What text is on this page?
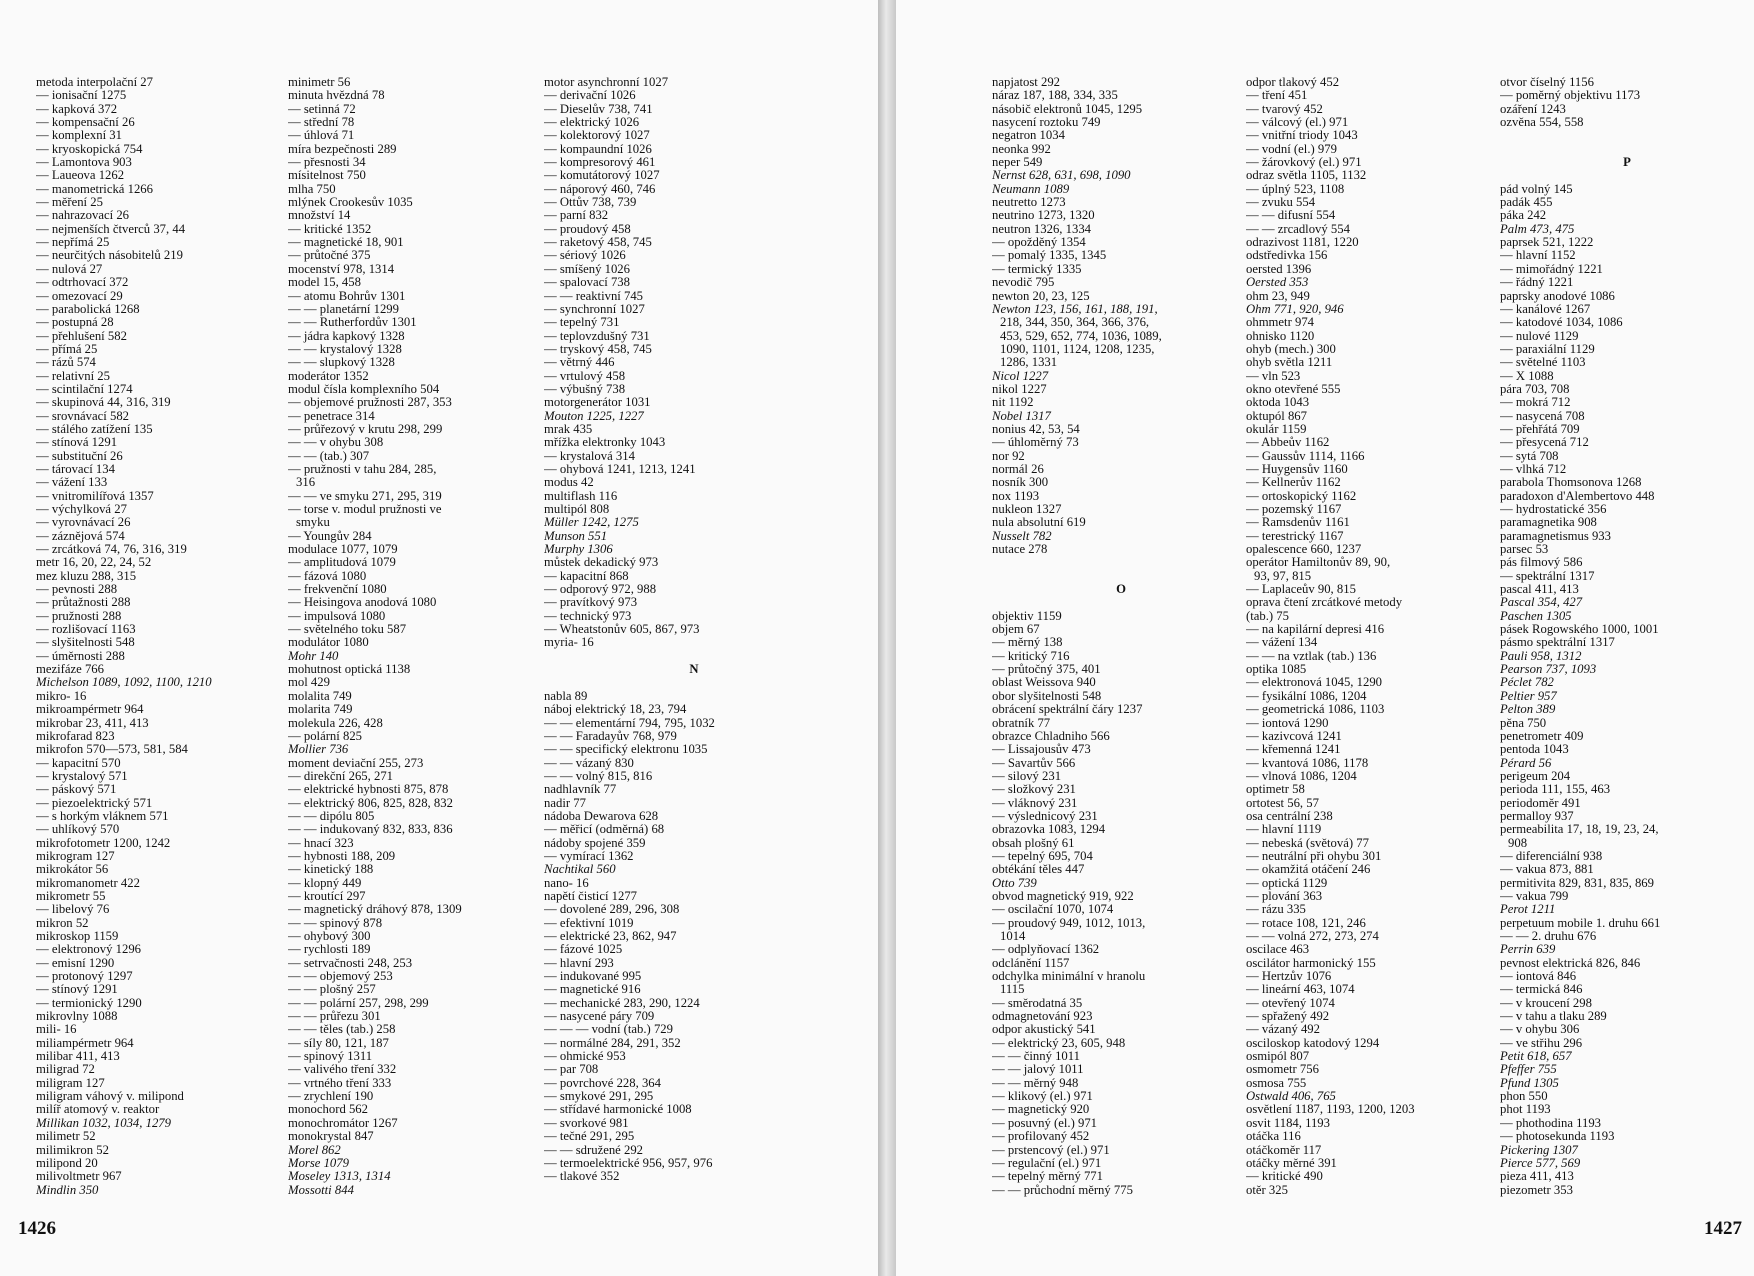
metoda interpolační 27
— ionisační 1275
— kapková 372
— kompensační 26
— komplexní 31
— kryoskopická 754
— Lamontova 903
— Laueova 1262
— manometrická 1266
— měření 25
— nahrazovací 26
— nejmenších čtverců 37, 44
— nepřímá 25
— neurčitých násobitelů 219
— nulová 27
— odtrhovací 372
— omezovací 29
— parabolická 1268
— postupná 28
— přehlušení 582
— přímá 25
— rázů 574
— relativní 25
— scintilační 1274
— skupinová 44, 316, 319
— srovnávací 582
— stálého zatížení 135
— stínová 1291
— substituční 26
— tárovací 134
— vážení 133
— vnitromilířová 1357
— výchylková 27
— vyrovnávací 26
— záznějová 574
— zrcátková 74, 76, 316, 319
metr 16, 20, 22, 24, 52
mez kluzu 288, 315
— pevnosti 288
— průtažnosti 288
— pružnosti 288
— rozlišovací 1163
— slyšitelnosti 548
— úměrnosti 288
mezifáze 766
Michelson 1089, 1092, 1100, 1210
mikro- 16
mikroampérmetr 964
mikrobar 23, 411, 413
mikrofarad 823
mikrofon 570—573, 581, 584
— kapacitní 570
— krystalový 571
— páskový 571
— piezoelektrický 571
— s horkým vláknem 571
— uhlíkový 570
mikrofotometr 1200, 1242
mikrogram 127
mikrokátor 56
mikromanometr 422
mikrometr 55
— libelový 76
mikron 52
mikroskop 1159
— elektronový 1296
— emisní 1290
— protonový 1297
— stínový 1291
— termionický 1290
mikrovlny 1088
mili- 16
miliampérmetr 964
milibar 411, 413
miligrad 72
miligram 127
miligram váhový v. milipond
milíř atomový v. reaktor
Millikan 1032, 1034, 1279
milimetr 52
milimikron 52
milipond 20
milivoltmetr 967
Mindlin 350
minimetr 56
minuta hvězdná 78
— setinná 72
— střední 78
— úhlová 71
míra bezpečnosti 289
— přesnosti 34
mísitelnost 750
mlha 750
mlýnek Crookesův 1035
množství 14
— kritické 1352
— magnetické 18, 901
— průtočné 375
mocenství 978, 1314
model 15, 458
— atomu Bohrův 1301
— — planetární 1299
— — Rutherfordův 1301
— jádra kapkový 1328
— — krystalový 1328
— — slupkový 1328
moderátor 1352
modul čísla komplexního 504
— objemové pružnosti 287, 353
— penetrace 314
— průřezový v krutu 298, 299
— — v ohybu 308
— — (tab.) 307
— pružnosti v tahu 284, 285,
316
— — ve smyku 271, 295, 319
— torse v. modul pružnosti ve
smyku
— Youngův 284
modulace 1077, 1079
— amplitudová 1079
— fázová 1080
— frekvenční 1080
— Heisingova anodová 1080
— impulsová 1080
— světelného toku 587
modulátor 1080
Mohr 140
mohutnost optická 1138
mol 429
molalita 749
molarita 749
molekula 226, 428
— polární 825
Mollier 736
moment deviační 255, 273
— direkční 265, 271
— elektrické hybnosti 875, 878
— elektrický 806, 825, 828, 832
— — dipólu 805
— — indukovaný 832, 833, 836
— hnací 323
— hybnosti 188, 209
— kinetický 188
— klopný 449
— kroutící 297
— magnetický dráhový 878, 1309
— — spinový 878
— ohybový 300
— rychlosti 189
— setrvačnosti 248, 253
— — objemový 253
— — plošný 257
— — polární 257, 298, 299
— — průřezu 301
— — těles (tab.) 258
— síly 80, 121, 187
— spinový 1311
— valivého tření 332
— vrtného tření 333
— zrychlení 190
monochord 562
monochromátor 1267
monokrystal 847
Morel 862
Morse 1079
Moseley 1313, 1314
Mossotti 844
motor asynchronní 1027
— derivační 1026
— Dieselův 738, 741
— elektrický 1026
— kolektorový 1027
— kompaundní 1026
— kompresorový 461
— komutátorový 1027
— náporový 460, 746
— Ottův 738, 739
— parní 832
— proudový 458
— raketový 458, 745
— sériový 1026
— smíšený 1026
— spalovací 738
— — reaktivní 745
— synchronní 1027
— tepelný 731
— teplovzdušný 731
— tryskový 458, 745
— větrný 446
— vrtulový 458
— výbušný 738
motorgenerátor 1031
Mouton 1225, 1227
mrak 435
mřížka elektronky 1043
— krystalová 314
— ohybová 1241, 1213, 1241
modus 42
multiflash 116
multipól 808
Müller 1242, 1275
Munson 551
Murphy 1306
můstek dekadický 973
— kapacitní 868
— odporový 972, 988
— pravítkový 973
— technický 973
— Wheatstonův 605, 867, 973
myria- 16
N
nabla 89
náboj elektrický 18, 23, 794
— — elementární 794, 795, 1032
— — Faradayův 768, 979
— — specifický elektronu 1035
— — vázaný 830
— — volný 815, 816
nadhlavník 77
nadir 77
nádoba Dewarova 628
— měřicí (odměrná) 68
nádoby spojené 359
— vymírací 1362
Nachtikal 560
nano- 16
napětí čisticí 1277
— dovolené 289, 296, 308
— efektivní 1019
— elektrické 23, 862, 947
— fázové 1025
— hlavní 293
— indukované 995
— magnetické 916
— mechanické 283, 290, 1224
— nasycené páry 709
— — — vodní (tab.) 729
— normálné 284, 291, 352
— ohmické 953
— par 708
— povrchové 228, 364
— smykové 291, 295
— střídavé harmonické 1008
— svorkové 981
— tečné 291, 295
— — sdružené 292
— termoelektrické 956, 957, 976
— tlakové 352
1426
napjatost 292
náraz 187, 188, 334, 335
násobič elektronů 1045, 1295
nasycení roztoku 749
negatron 1034
neonka 992
neper 549
Nernst 628, 631, 698, 1090
Neumann 1089
neutretto 1273
neutrino 1273, 1320
neutron 1326, 1334
— opožděný 1354
— pomalý 1335, 1345
— termický 1335
nevodič 795
newton 20, 23, 125
Newton 123, 156, 161, 188, 191,
218, 344, 350, 364, 366, 376,
453, 529, 652, 774, 1036, 1089,
1090, 1101, 1124, 1208, 1235,
1286, 1331
Nicol 1227
nikol 1227
nit 1192
Nobel 1317
nonius 42, 53, 54
— úhloměrný 73
nor 92
normál 26
nosník 300
nox 1193
nukleon 1327
nula absolutní 619
Nusselt 782
nutace 278
O
objektiv 1159
objem 67
— měrný 138
— kritický 716
— průtočný 375, 401
oblast Weissova 940
obor slyšitelnosti 548
obrácení spektrální čáry 1237
obratník 77
obrazce Chladniho 566
— Lissajousův 473
— Savartův 566
— silový 231
— složkový 231
— vláknový 231
— výslednicový 231
obrazovka 1083, 1294
obsah plošný 61
— tepelný 695, 704
obtékání těles 447
Otto 739
obvod magnetický 919, 922
— oscilační 1070, 1074
— proudový 949, 1012, 1013,
1014
— odplyňovací 1362
odclánění 1157
odchylka minimální v hranolu
1115
— směrodatná 35
odmagnetování 923
odpor akustický 541
— elektrický 23, 605, 948
— — činný 1011
— — jalový 1011
— — měrný 948
— klikový (el.) 971
— magnetický 920
— posuvný (el.) 971
— profilovaný 452
— prstencový (el.) 971
— regulační (el.) 971
— tepelný měrný 771
— — průchodní měrný 775
odpor tlakový 452
— tření 451
— tvarový 452
— válcový (el.) 971
— vnitřní triody 1043
— vodní (el.) 979
— žárovkový (el.) 971
odraz světla 1105, 1132
— úplný 523, 1108
— zvuku 554
— — difusní 554
— — zrcadlový 554
odrazivost 1181, 1220
odstředivka 156
oersted 1396
Oersted 353
ohm 23, 949
Ohm 771, 920, 946
ohmmetr 974
ohnisko 1120
ohyb (mech.) 300
ohyb světla 1211
— vln 523
okno otevřené 555
oktoda 1043
oktupól 867
okulár 1159
— Abbeův 1162
— Gaussův 1114, 1166
— Huygensův 1160
— Kellnerův 1162
— ortoskopický 1162
— pozemský 1167
— Ramsdenův 1161
— terestrický 1167
opalescence 660, 1237
operátor Hamiltonův 89, 90,
93, 97, 815
— Laplaceův 90, 815
oprava čtení zrcátkové metody
(tab.) 75
— na kapilární depresi 416
— vážení 134
— — na vztlak (tab.) 136
optika 1085
— elektronová 1045, 1290
— fysikální 1086, 1204
— geometrická 1086, 1103
— iontová 1290
— kazivcová 1241
— křemenná 1241
— kvantová 1086, 1178
— vlnová 1086, 1204
optimetr 58
ortotest 56, 57
osa centrální 238
— hlavní 1119
— nebeská (světová) 77
— neutrální při ohybu 301
— okamžitá otáčení 246
— optická 1129
— plování 363
— rázu 335
— rotace 108, 121, 246
— — volná 272, 273, 274
oscilace 463
oscilátor harmonický 155
— Hertzův 1076
— lineární 463, 1074
— otevřený 1074
— spřažený 492
— vázaný 492
osciloskop katodový 1294
osmipól 807
osmometr 756
osmosa 755
Ostwald 406, 765
osvětlení 1187, 1193, 1200, 1203
osvit 1184, 1193
otáčka 116
otáčkoměr 117
otáčky měrné 391
— kritické 490
otěr 325
otvor číselný 1156
— poměrný objektivu 1173
ozáření 1243
ozvěna 554, 558
P
pád volný 145
padák 455
páka 242
Palm 473, 475
paprsek 521, 1222
— hlavní 1152
— mimořádný 1221
— řádný 1221
paprsky anodové 1086
— kanálové 1267
— katodové 1034, 1086
— nulové 1129
— paraxiální 1129
— světelné 1103
— X 1088
pára 703, 708
— mokrá 712
— nasycená 708
— přehřátá 709
— přesycená 712
— sytá 708
— vlhká 712
parabola Thomsonova 1268
paradoxon d'Alembertovo 448
— hydrostatické 356
paramagnetika 908
paramagnetismus 933
parsec 53
pás filmový 586
— spektrální 1317
pascal 411, 413
Pascal 354, 427
Paschen 1305
pásek Rogowského 1000, 1001
pásmo spektrální 1317
Pauli 958, 1312
Pearson 737, 1093
Péclet 782
Peltier 957
Pelton 389
pěna 750
penetrometr 409
pentoda 1043
Pérard 56
perigeum 204
perioda 111, 155, 463
periodoměr 491
permalloy 937
permeabilita 17, 18, 19, 23, 24,
908
— diferenciální 938
— vakua 873, 881
permitivita 829, 831, 835, 869
— vakua 799
Perot 1211
perpetuum mobile 1. druhu 661
— — 2. druhu 676
Perrin 639
pevnost elektrická 826, 846
— iontová 846
— termická 846
— v kroucení 298
— v tahu a tlaku 289
— v ohybu 306
— ve střihu 296
Petit 618, 657
Pfeffer 755
Pfund 1305
phon 550
phot 1193
— phothodina 1193
— photosekunda 1193
Pickering 1307
Pierce 577, 569
pieza 411, 413
piezometr 353
1427
